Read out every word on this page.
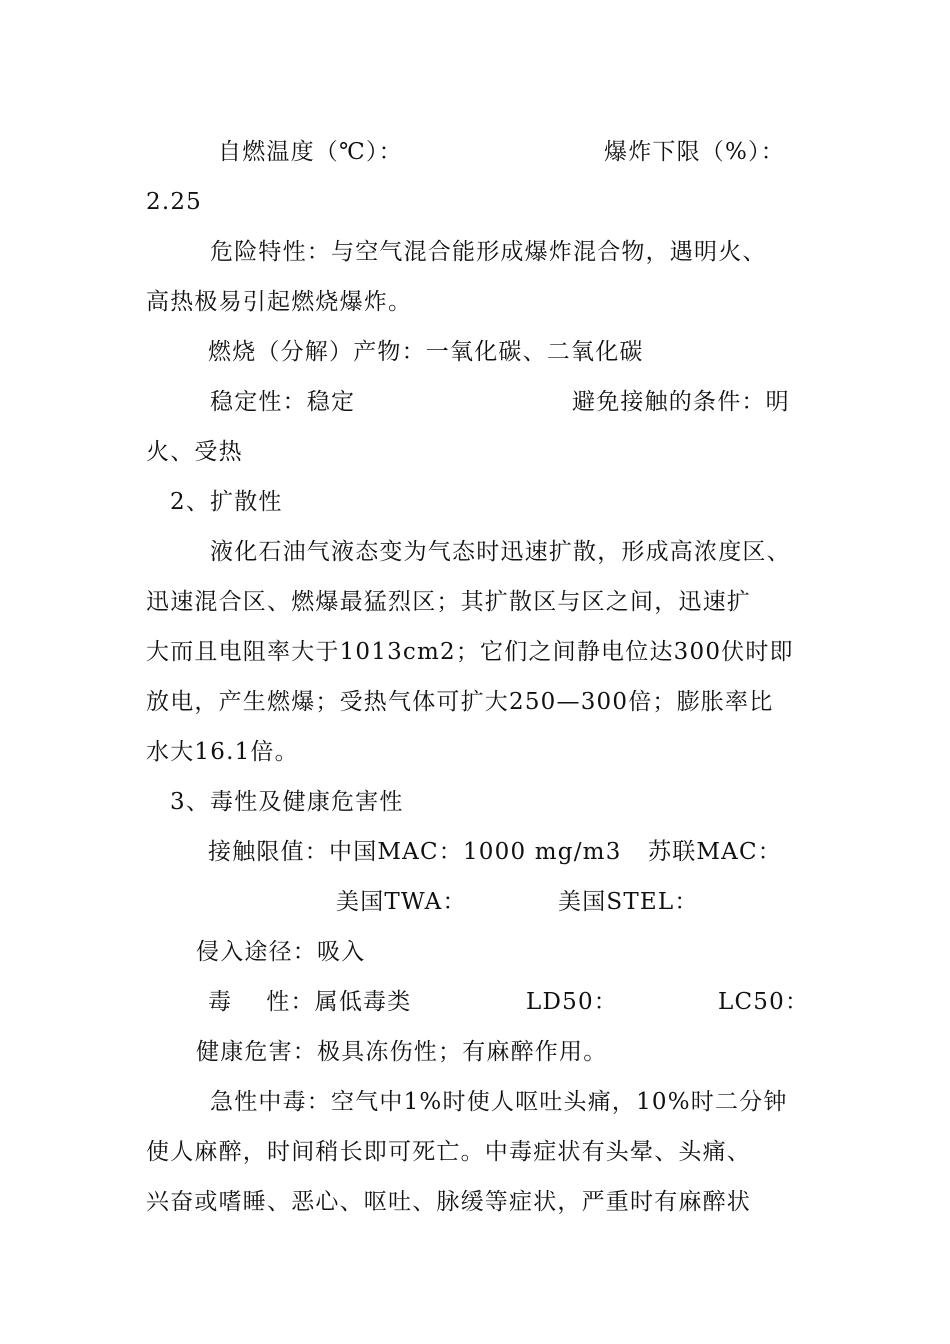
自燃温度（℃）：	爆炸下限（%）：
2.25
危险特性：与空气混合能形成爆炸混合物，遇明火、
高热极易引起燃烧爆炸。
燃烧（分解）产物：一氧化碳、二氧化碳
稳定性：稳定	避免接触的条件：明
火、受热
2、扩散性
液化石油气液态变为气态时迅速扩散，形成高浓度区、
迅速混合区、燃爆最猛烈区；其扩散区与区之间，迅速扩
大而且电阻率大于1013cm2；它们之间静电位达300伏时即
放电，产生燃爆；受热气体可扩大250—300倍；膨胀率比
水大16.1倍。
3、毒性及健康危害性
接触限值：中国MAC：1000 mg/m3 苏联MAC：
美国TWA：	美国STEL：
侵入途径：吸入
毒    性：属低毒类	LD50：	LC50：
健康危害：极具冻伤性；有麻醉作用。
急性中毒：空气中1%时使人呕吐头痛，10%时二分钟
使人麻醉，时间稍长即可死亡。中毒症状有头晕、头痛、
兴奋或嗜睡、恶心、呕吐、脉缓等症状，严重时有麻醉状
